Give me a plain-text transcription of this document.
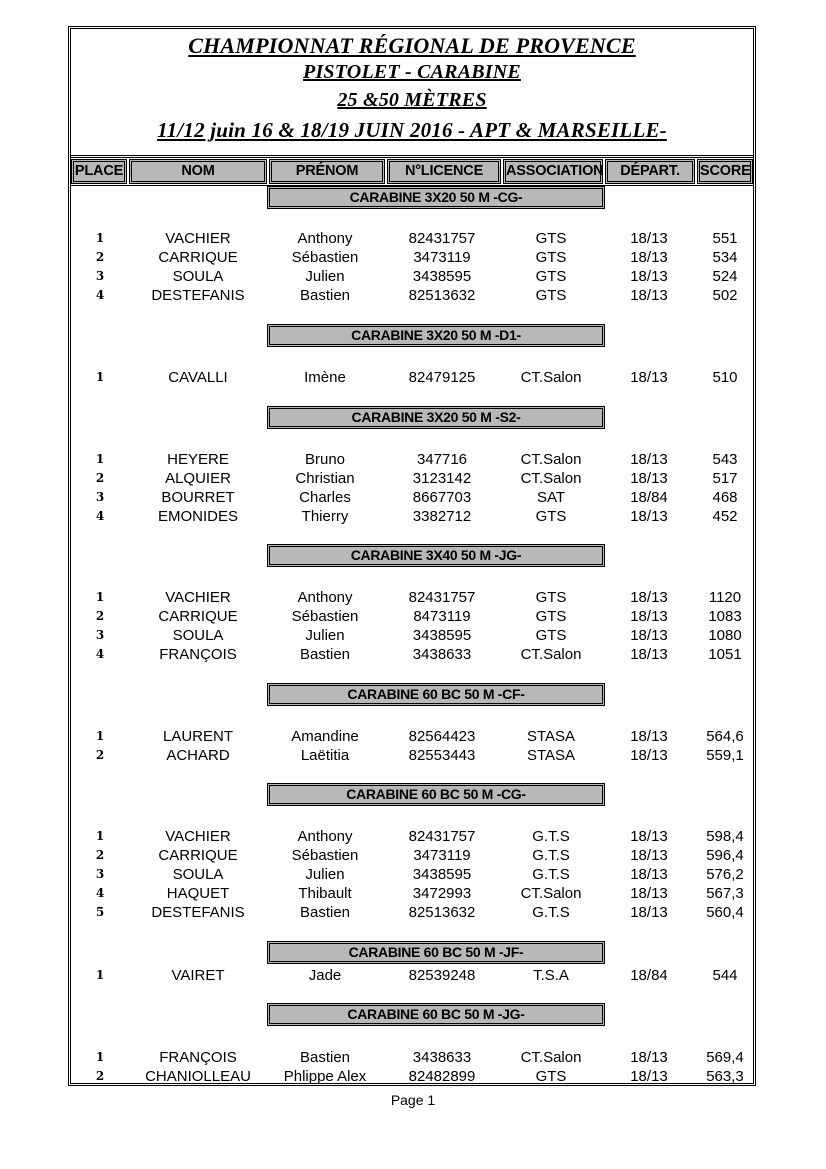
CHAMPIONNAT RÉGIONAL DE PROVENCE
PISTOLET - CARABINE
25 &50 MÈTRES
11/12 juin 16 & 18/19 JUIN 2016 - APT & MARSEILLE-
PLACE	NOM	PRÉNOM	N°LICENCE	ASSOCIATION	DÉPART.	SCORE
CARABINE 3X20 50 M -CG-
1	VACHIER	Anthony	82431757	GTS	18/13	551
2	CARRIQUE	Sébastien	3473119	GTS	18/13	534
3	SOULA	Julien	3438595	GTS	18/13	524
4	DESTEFANIS	Bastien	82513632	GTS	18/13	502
CARABINE 3X20 50 M -D1-
1	CAVALLI	Imène	82479125	CT.Salon	18/13	510
CARABINE 3X20 50 M -S2-
1	HEYERE	Bruno	347716	CT.Salon	18/13	543
2	ALQUIER	Christian	3123142	CT.Salon	18/13	517
3	BOURRET	Charles	8667703	SAT	18/84	468
4	EMONIDES	Thierry	3382712	GTS	18/13	452
CARABINE 3X40 50 M -JG-
1	VACHIER	Anthony	82431757	GTS	18/13	1120
2	CARRIQUE	Sébastien	8473119	GTS	18/13	1083
3	SOULA	Julien	3438595	GTS	18/13	1080
4	FRANÇOIS	Bastien	3438633	CT.Salon	18/13	1051
CARABINE 60 BC 50 M -CF-
1	LAURENT	Amandine	82564423	STASA	18/13	564,6
2	ACHARD	Laëtitia	82553443	STASA	18/13	559,1
CARABINE 60 BC 50 M -CG-
1	VACHIER	Anthony	82431757	G.T.S	18/13	598,4
2	CARRIQUE	Sébastien	3473119	G.T.S	18/13	596,4
3	SOULA	Julien	3438595	G.T.S	18/13	576,2
4	HAQUET	Thibault	3472993	CT.Salon	18/13	567,3
5	DESTEFANIS	Bastien	82513632	G.T.S	18/13	560,4
CARABINE 60 BC 50 M -JF-
1	VAIRET	Jade	82539248	T.S.A	18/84	544
CARABINE 60 BC 50 M -JG-
1	FRANÇOIS	Bastien	3438633	CT.Salon	18/13	569,4
2	CHANIOLLEAU	Phlippe Alex	82482899	GTS	18/13	563,3
Page 1
